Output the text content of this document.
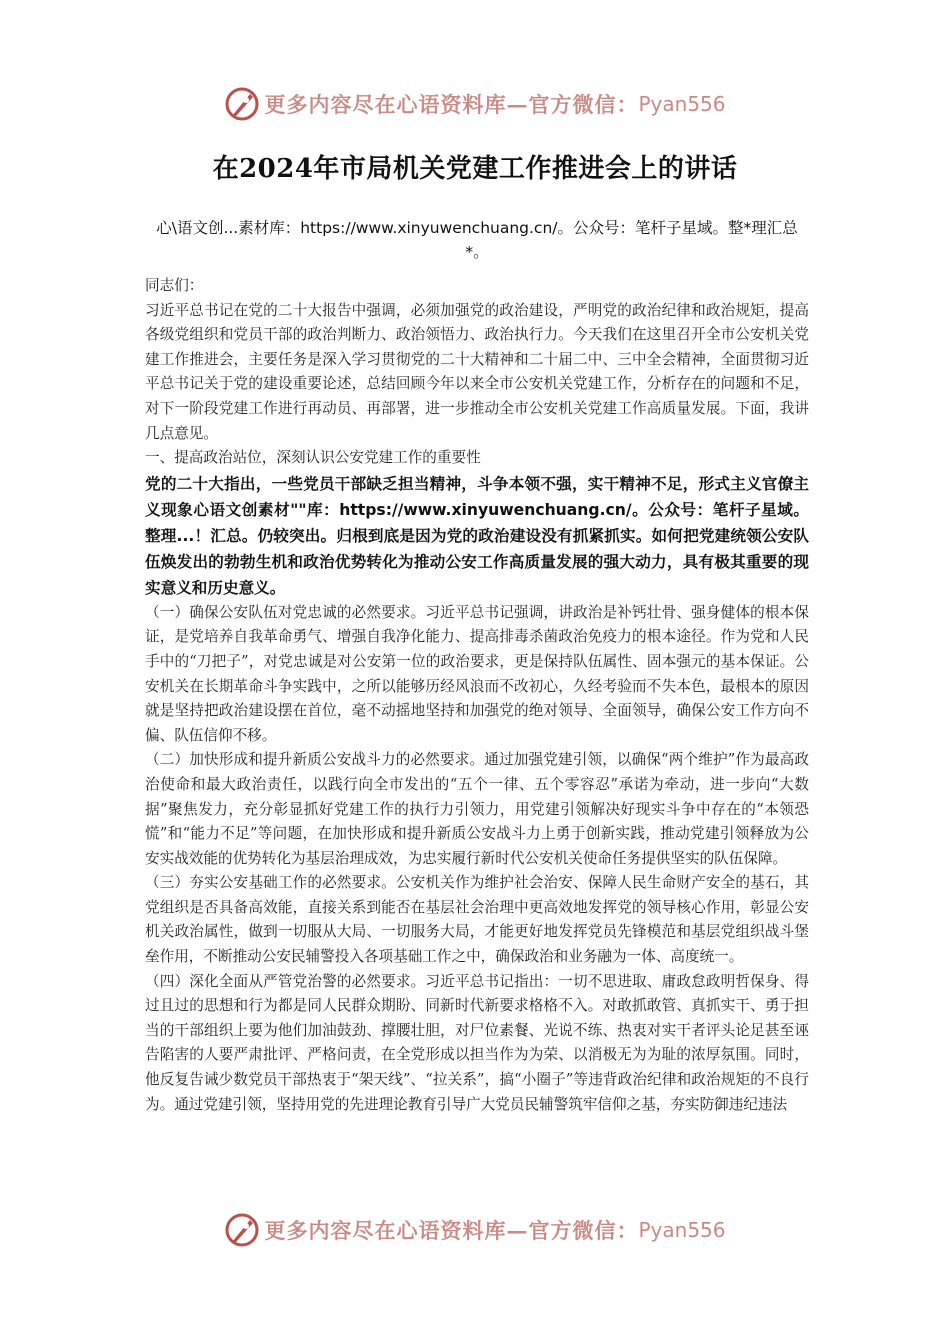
更多内容尽在心语资料库—官方微信： Pyan556
在2024年市局机关党建工作推进会上的讲话

心\语文创...素材库：https://www.xinyuwenchuang.cn/。公众号：笔杆子星域。整*理汇总*。

同志们：

习近平总书记在党的二十大报告中强调，必须加强党的政治建设，严明党的政治纪律和政治规矩，提高各级党组织和党员干部的政治判断力、政治领悟力、政治执行力。今天我们在这里召开全市公安机关党建工作推进会，主要任务是深入学习贯彻党的二十大精神和二十届二中、三中全会精神，全面贯彻习近平总书记关于党的建设重要论述，总结回顾今年以来全市公安机关党建工作，分析存在的问题和不足，对下一阶段党建工作进行再动员、再部署，进一步推动全市公安机关党建工作高质量发展。下面，我讲几点意见。

一、提高政治站位，深刻认识公安党建工作的重要性

党的二十大指出，一些党员干部缺乏担当精神，斗争本领不强，实干精神不足，形式主义官僚主义现象心语文创素材""库：https://www.xinyuwenchuang.cn/。公众号：笔杆子星域。整理...！汇总。仍较突出。归根到底是因为党的政治建设没有抓紧抓实。如何把党建统领公安队伍焕发出的勃勃生机和政治优势转化为推动公安工作高质量发展的强大动力，具有极其重要的现实意义和历史意义。

（一）确保公安队伍对党忠诚的必然要求。习近平总书记强调，讲政治是补钙壮骨、强身健体的根本保证，是党培养自我革命勇气、增强自我净化能力、提高排毒杀菌政治免疫力的根本途径。作为党和人民手中的“刀把子”，对党忠诚是对公安第一位的政治要求，更是保持队伍属性、固本强元的基本保证。公安机关在长期革命斗争实践中，之所以能够历经风浪而不改初心，久经考验而不失本色，最根本的原因就是坚持把政治建设摆在首位，毫不动摇地坚持和加强党的绝对领导、全面领导，确保公安工作方向不偏、队伍信仰不移。

（二）加快形成和提升新质公安战斗力的必然要求。通过加强党建引领，以确保“两个维护”作为最高政治使命和最大政治责任，以践行向全市发出的“五个一律、五个零容忍”承诺为牵动，进一步向“大数据”聚焦发力，充分彰显抓好党建工作的执行力引领力，用党建引领解决好现实斗争中存在的“本领恐慌”和“能力不足”等问题，在加快形成和提升新质公安战斗力上勇于创新实践，推动党建引领释放为公安实战效能的优势转化为基层治理成效，为忠实履行新时代公安机关使命任务提供坚实的队伍保障。

（三）夯实公安基础工作的必然要求。公安机关作为维护社会治安、保障人民生命财产安全的基石，其党组织是否具备高效能，直接关系到能否在基层社会治理中更高效地发挥党的领导核心作用，彰显公安机关政治属性，做到一切服从大局、一切服务大局，才能更好地发挥党员先锋模范和基层党组织战斗堡垒作用，不断推动公安民辅警投入各项基础工作之中，确保政治和业务融为一体、高度统一。

（四）深化全面从严管党治警的必然要求。习近平总书记指出：一切不思进取、庸政怠政明哲保身、得过且过的思想和行为都是同人民群众期盼、同新时代新要求格格不入。对敢抓敢管、真抓实干、勇于担当的干部组织上要为他们加油鼓劲、撑腰壮胆，对尸位素餐、光说不练、热衷对实干者评头论足甚至诬告陷害的人要严肃批评、严格问责，在全党形成以担当作为为荣、以消极无为为耻的浓厚氛围。同时，他反复告诫少数党员干部热衷于“架天线”、“拉关系”，搞“小圈子”等违背政治纪律和政治规矩的不良行为。通过党建引领，坚持用党的先进理论教育引导广大党员民辅警筑牢信仰之基，夯实防御违纪违法

更多内容尽在心语资料库—官方微信： Pyan556
